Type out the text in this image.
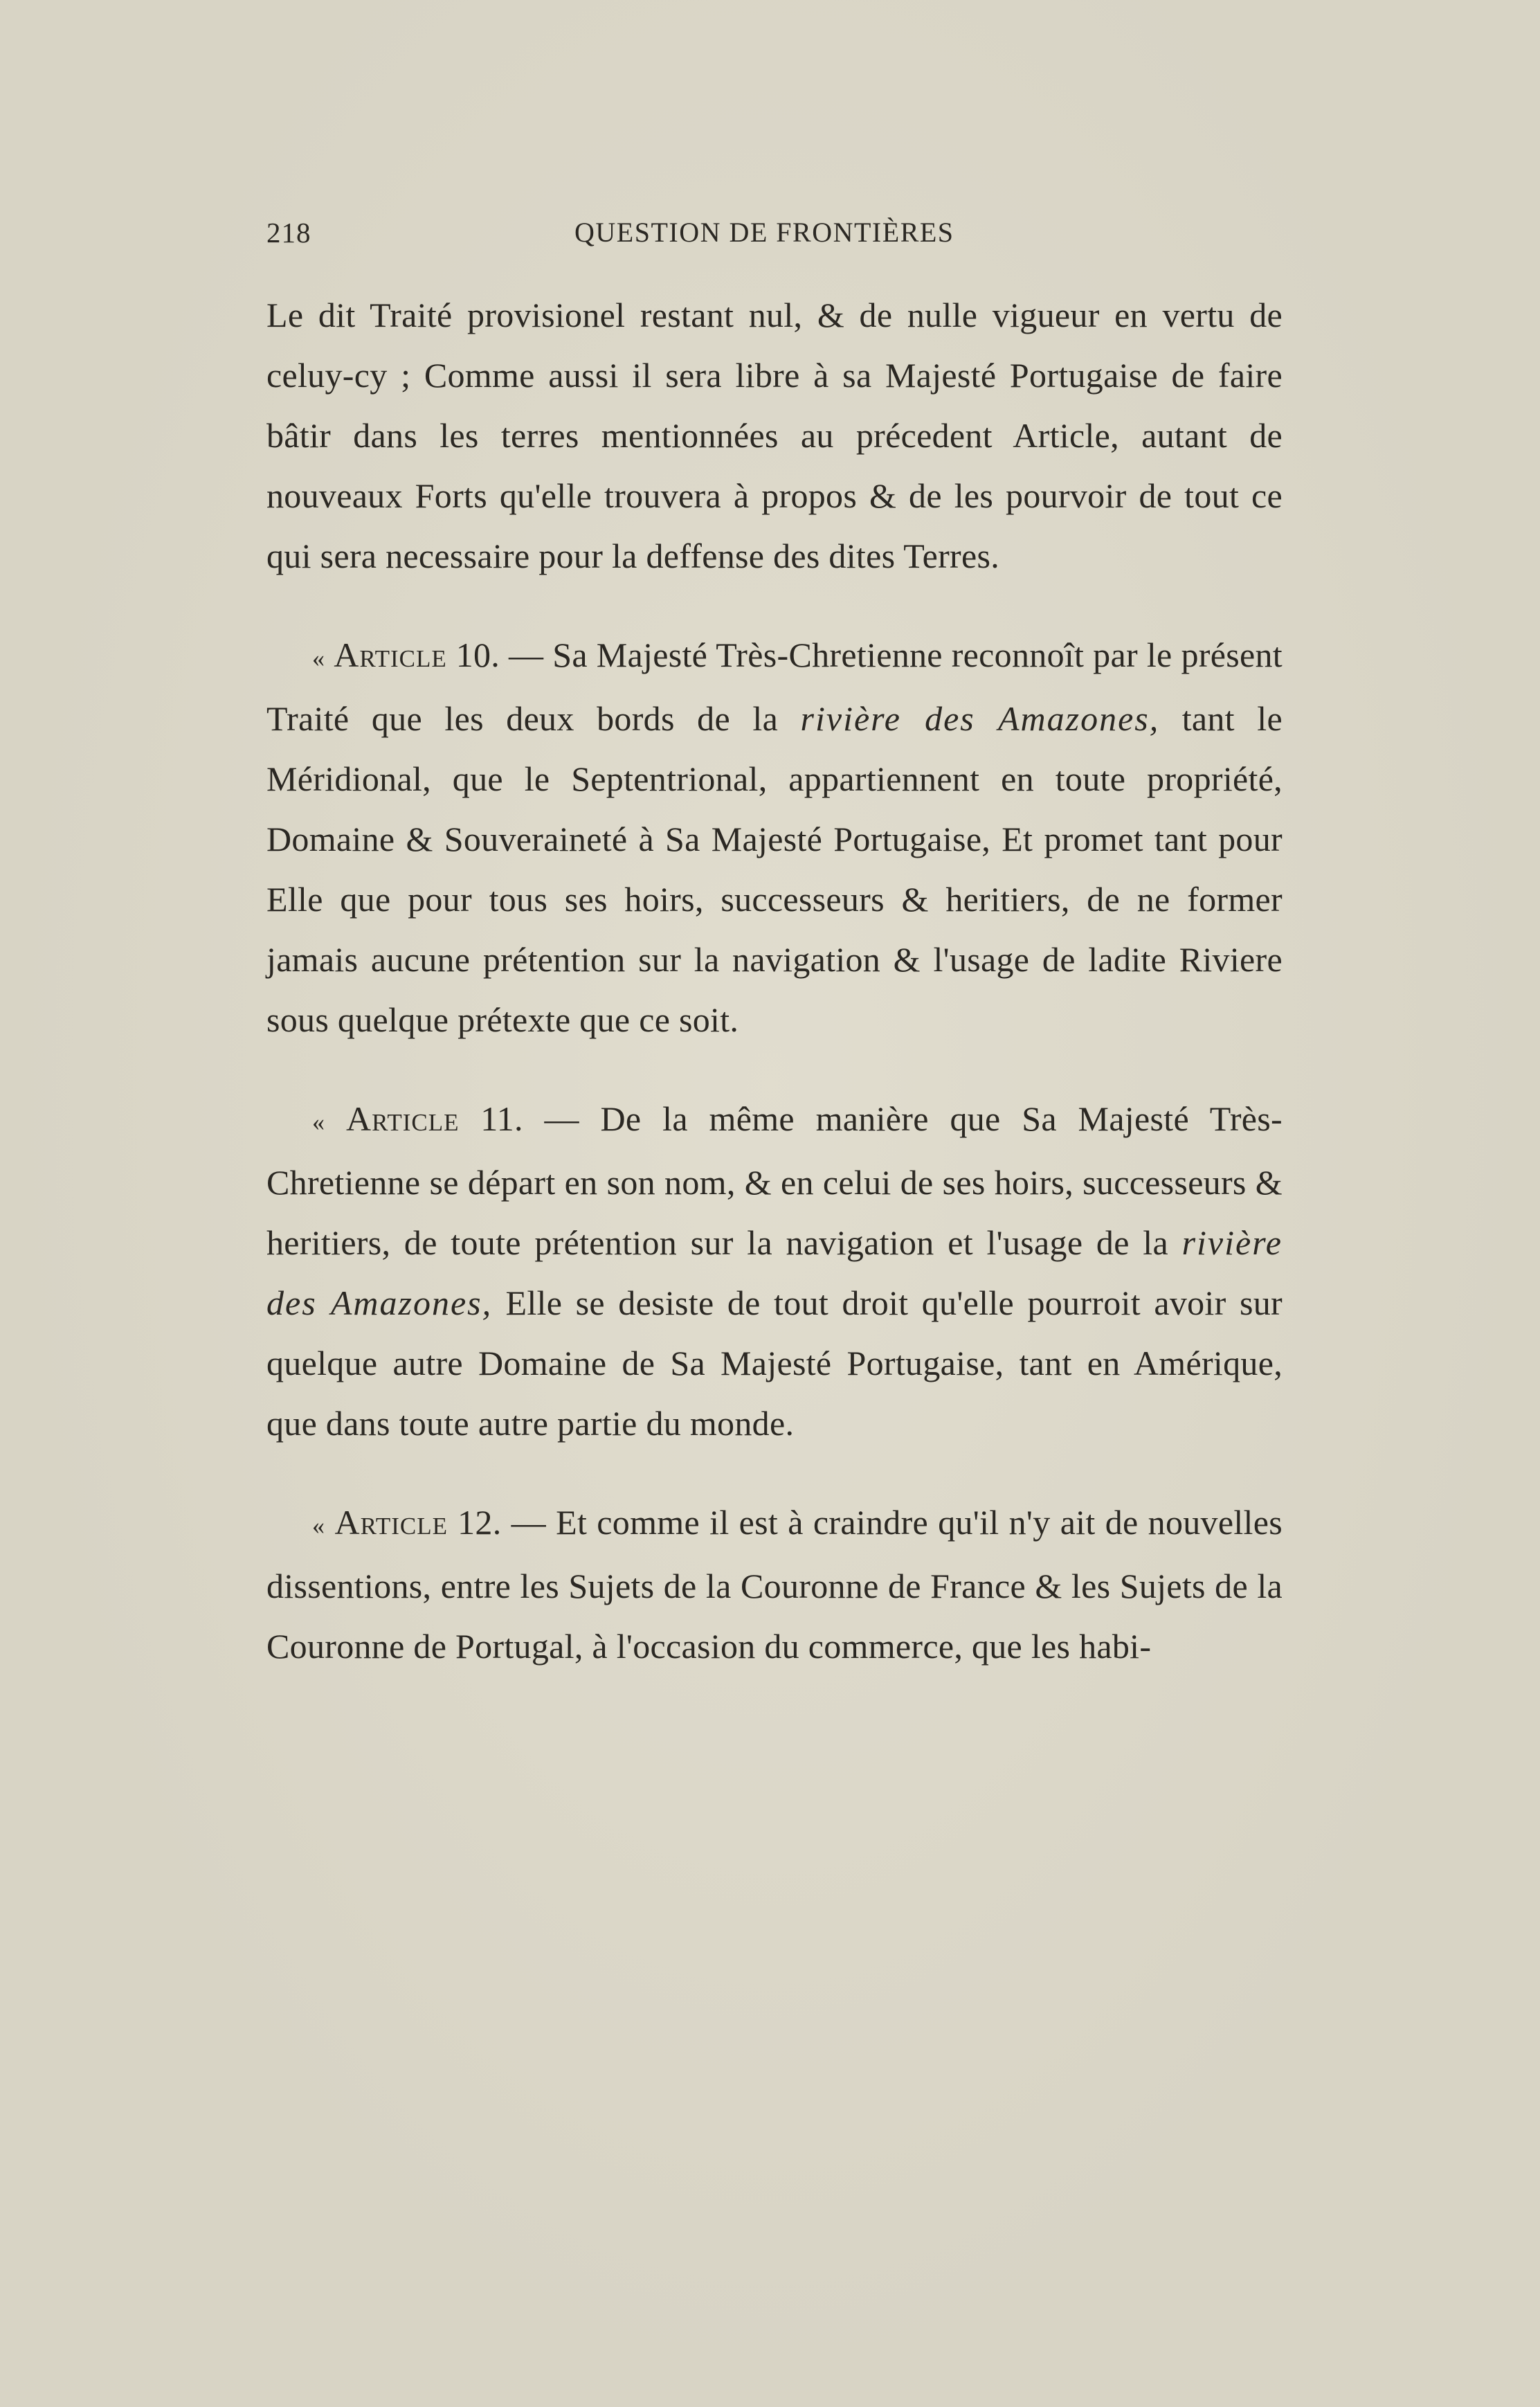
218	QUESTION DE FRONTIÈRES

Le dit Traité provisionel restant nul, & de nulle vigueur en vertu de celuy-cy ; Comme aussi il sera libre à sa Majesté Portugaise de faire bâtir dans les terres mentionnées au précedent Article, autant de nouveaux Forts qu'elle trouvera à propos & de les pourvoir de tout ce qui sera necessaire pour la deffense des dites Terres.

« Article 10. — Sa Majesté Très-Chretienne reconnoît par le présent Traité que les deux bords de la rivière des Amazones, tant le Méridional, que le Septentrional, appartiennent en toute propriété, Domaine & Souveraineté à Sa Majesté Portugaise, Et promet tant pour Elle que pour tous ses hoirs, successeurs & heritiers, de ne former jamais aucune prétention sur la navigation & l'usage de ladite Riviere sous quelque prétexte que ce soit.

« Article 11. — De la même manière que Sa Majesté Très-Chretienne se départ en son nom, & en celui de ses hoirs, successeurs & heritiers, de toute prétention sur la navigation et l'usage de la rivière des Amazones, Elle se desiste de tout droit qu'elle pourroit avoir sur quelque autre Domaine de Sa Majesté Portugaise, tant en Amérique, que dans toute autre partie du monde.

« Article 12. — Et comme il est à craindre qu'il n'y ait de nouvelles dissentions, entre les Sujets de la Couronne de France & les Sujets de la Couronne de Portugal, à l'occasion du commerce, que les habi-
